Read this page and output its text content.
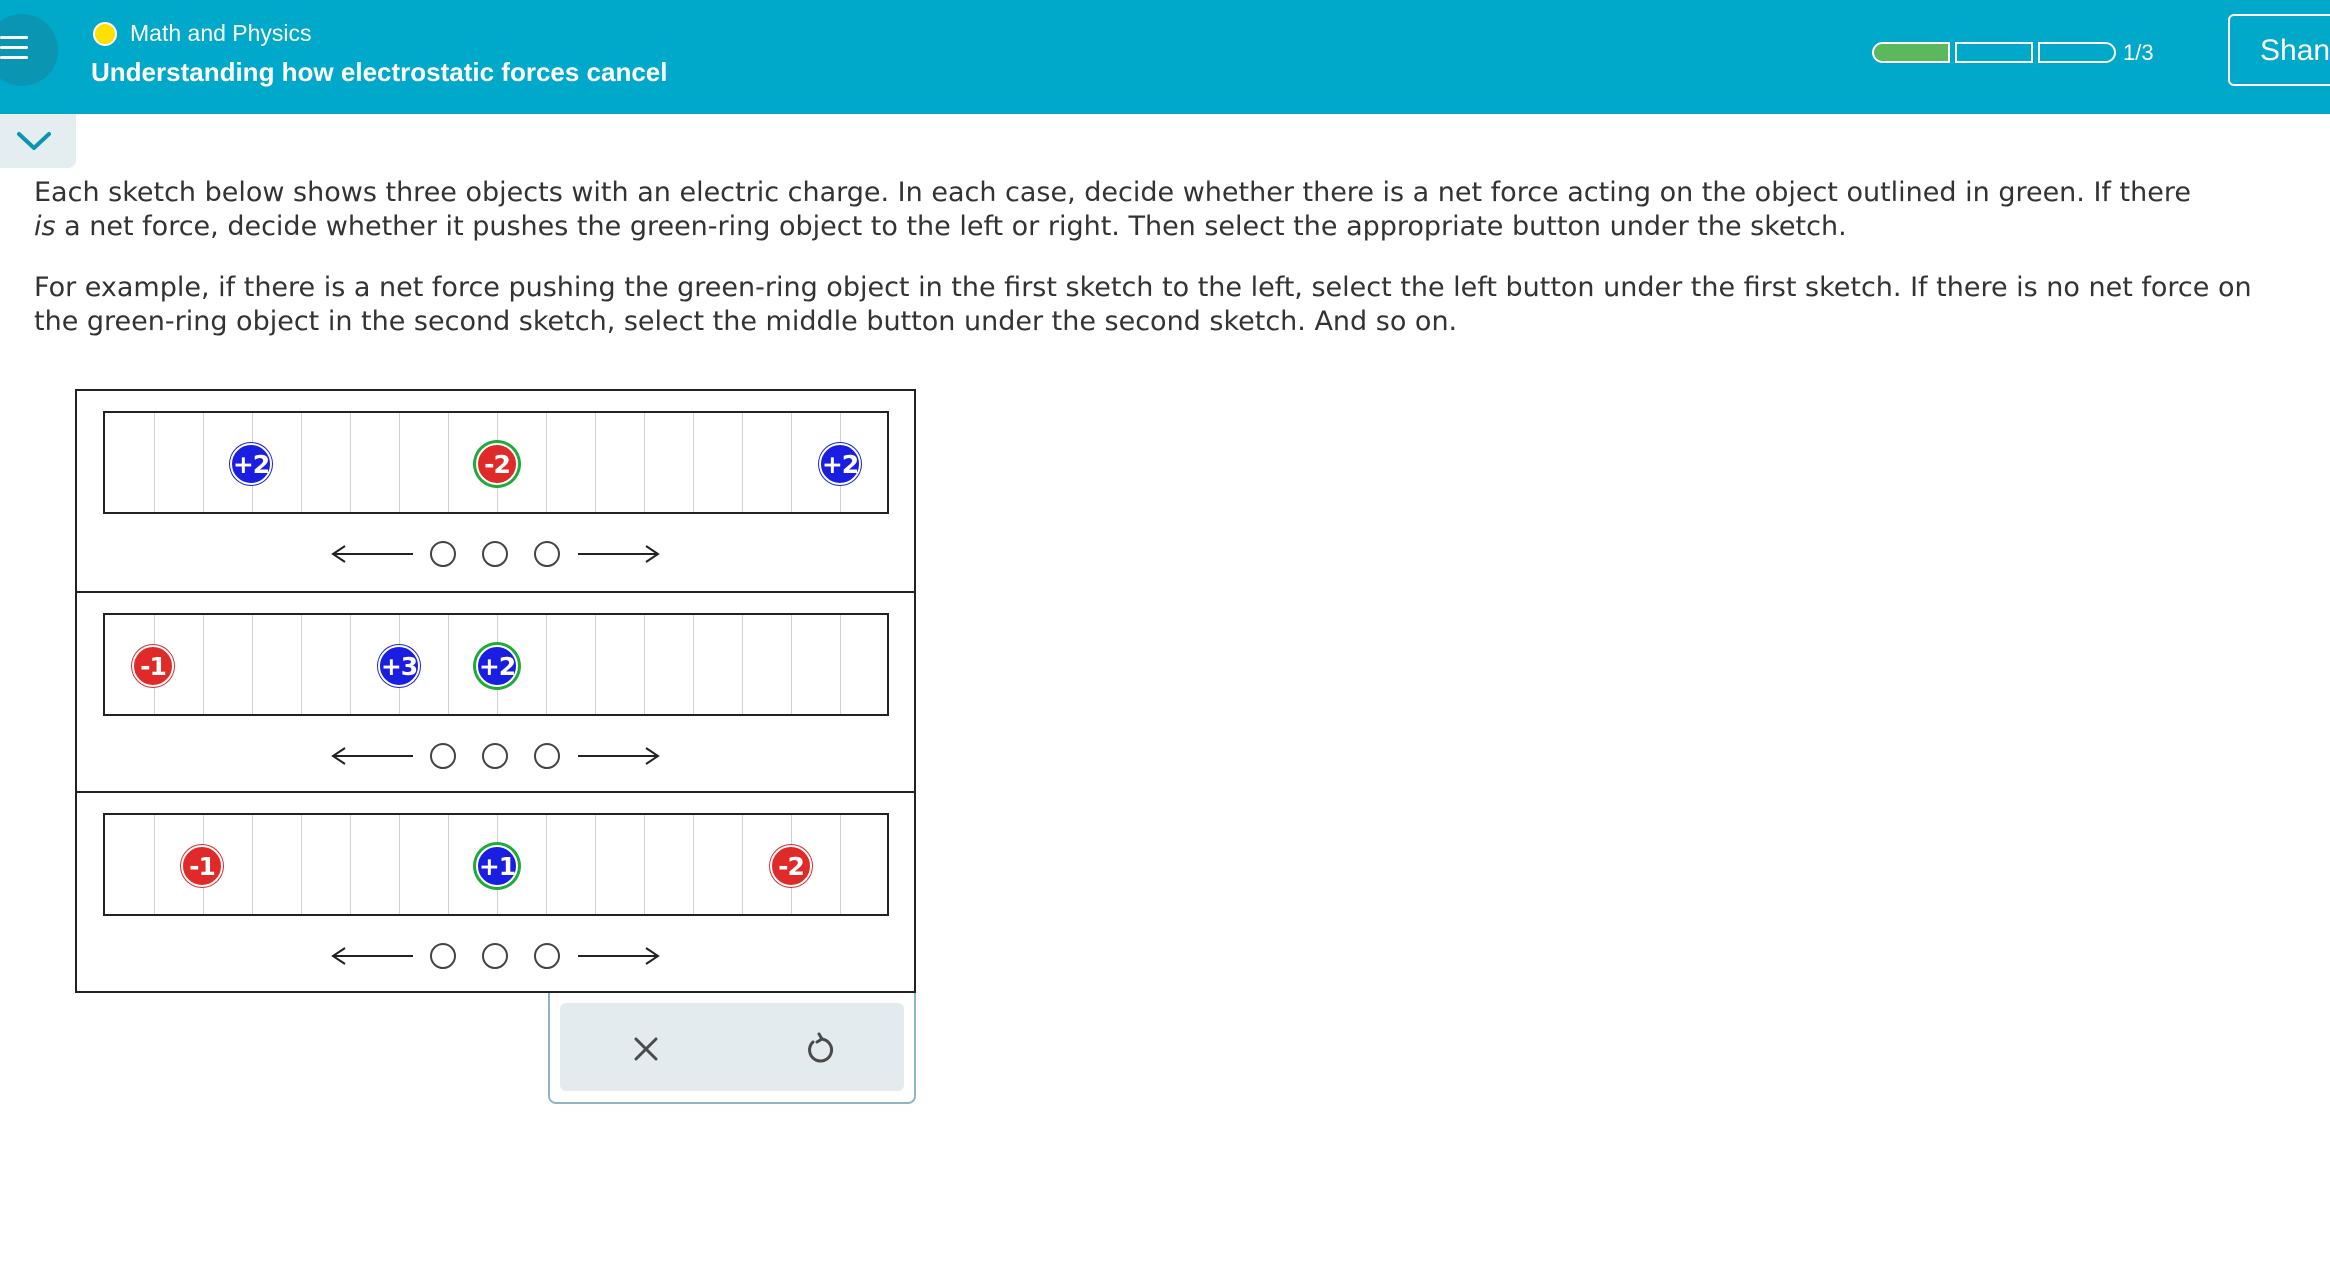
Math and Physics
Understanding how electrostatic forces cancel
1/3	Shan
Each sketch below shows three objects with an electric charge. In each case, decide whether there is a net force acting on the object outlined in green. If there
is a net force, decide whether it pushes the green-ring object to the left or right. Then select the appropriate button under the sketch.
For example, if there is a net force pushing the green-ring object in the first sketch to the left, select the left button under the first sketch. If there is no net force on the green-ring object in the second sketch, select the middle button under the second sketch. And so on.
+2	-2	+2
-1	+3 +2
-1	+1	-2
